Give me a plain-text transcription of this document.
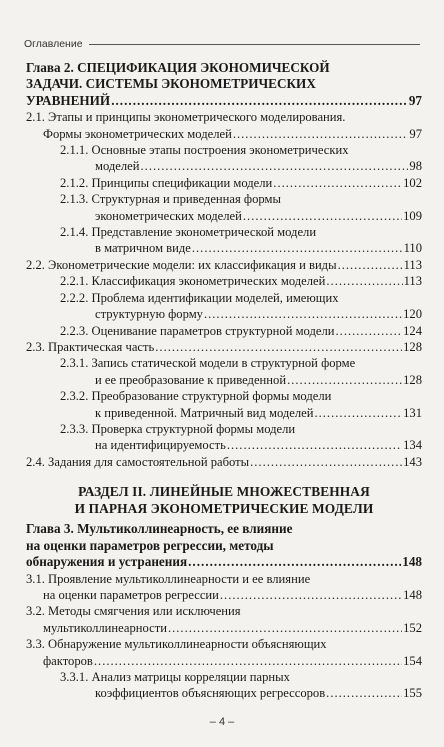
Оглавление
Глава 2. СПЕЦИФИКАЦИЯ ЭКОНОМИЧЕСКОЙ
ЗАДАЧИ. СИСТЕМЫ ЭКОНОМЕТРИЧЕСКИХ
УРАВНЕНИЙ .....	97
2.1. Этапы и принципы эконометрического моделирования.
Формы эконометрических моделей .....	97
2.1.1. Основные этапы построения эконометрических
моделей .....	98
2.1.2. Принципы спецификации модели .....	102
2.1.3. Структурная и приведенная формы
эконометрических моделей .....	109
2.1.4. Представление эконометрической модели
в матричном виде .....	110
2.2. Эконометрические модели: их классификация и виды .....	113
2.2.1. Классификация эконометрических моделей .....	113
2.2.2. Проблема идентификации моделей, имеющих
структурную форму .....	120
2.2.3. Оценивание параметров структурной модели .....	124
2.3. Практическая часть .....	128
2.3.1. Запись статической модели в структурной форме
и ее преобразование к приведенной .....	128
2.3.2. Преобразование структурной формы модели
к приведенной. Матричный вид моделей .....	131
2.3.3. Проверка структурной формы модели
на идентифицируемость .....	134
2.4. Задания для самостоятельной работы .....	143
РАЗДЕЛ II. ЛИНЕЙНЫЕ МНОЖЕСТВЕННАЯ
И ПАРНАЯ ЭКОНОМЕТРИЧЕСКИЕ МОДЕЛИ
Глава 3. Мультиколлинеарность, ее влияние
на оценки параметров регрессии, методы
обнаружения и устранения .....	148
3.1. Проявление мультиколлинеарности и ее влияние
на оценки параметров регрессии .....	148
3.2. Методы смягчения или исключения
мультиколлинеарности .....	152
3.3. Обнаружение мультиколлинеарности объясняющих
факторов .....	154
3.3.1. Анализ матрицы корреляции парных
коэффициентов объясняющих регрессоров .....	155
– 4 –
